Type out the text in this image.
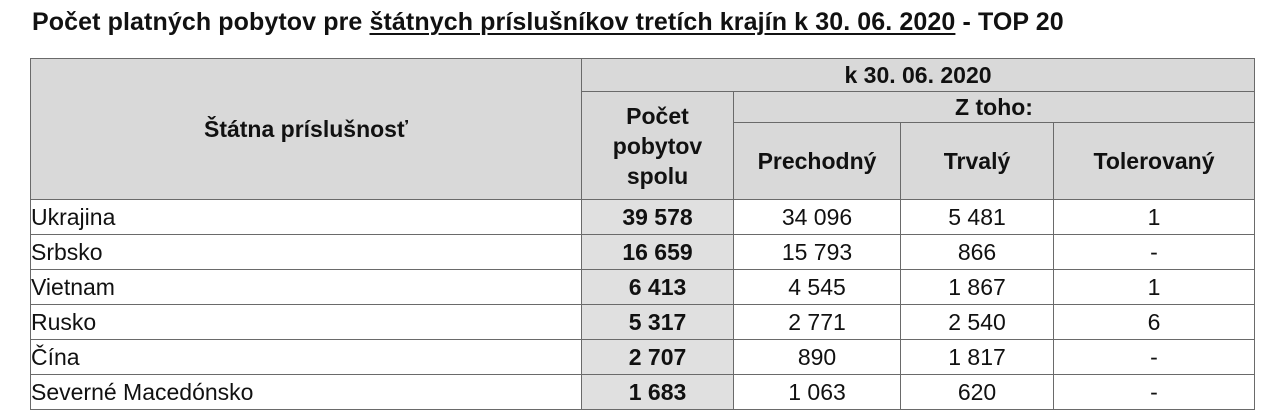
Počet platných pobytov pre štátnych príslušníkov tretích krajín k 30. 06. 2020 - TOP 20
Štátna príslušnosť	k 30. 06. 2020			

	Počet pobytov spolu	Z toho:		
		Prechodný	Trvalý	Tolerovaný
Ukrajina	39 578	34 096	5 481	1
Srbsko	16 659	15 793	866	-
Vietnam	6 413	4 545	1 867	1
Rusko	5 317	2 771	2 540	6
Čína	2 707	890	1 817	-
Severné Macedónsko	1 683	1 063	620	-
